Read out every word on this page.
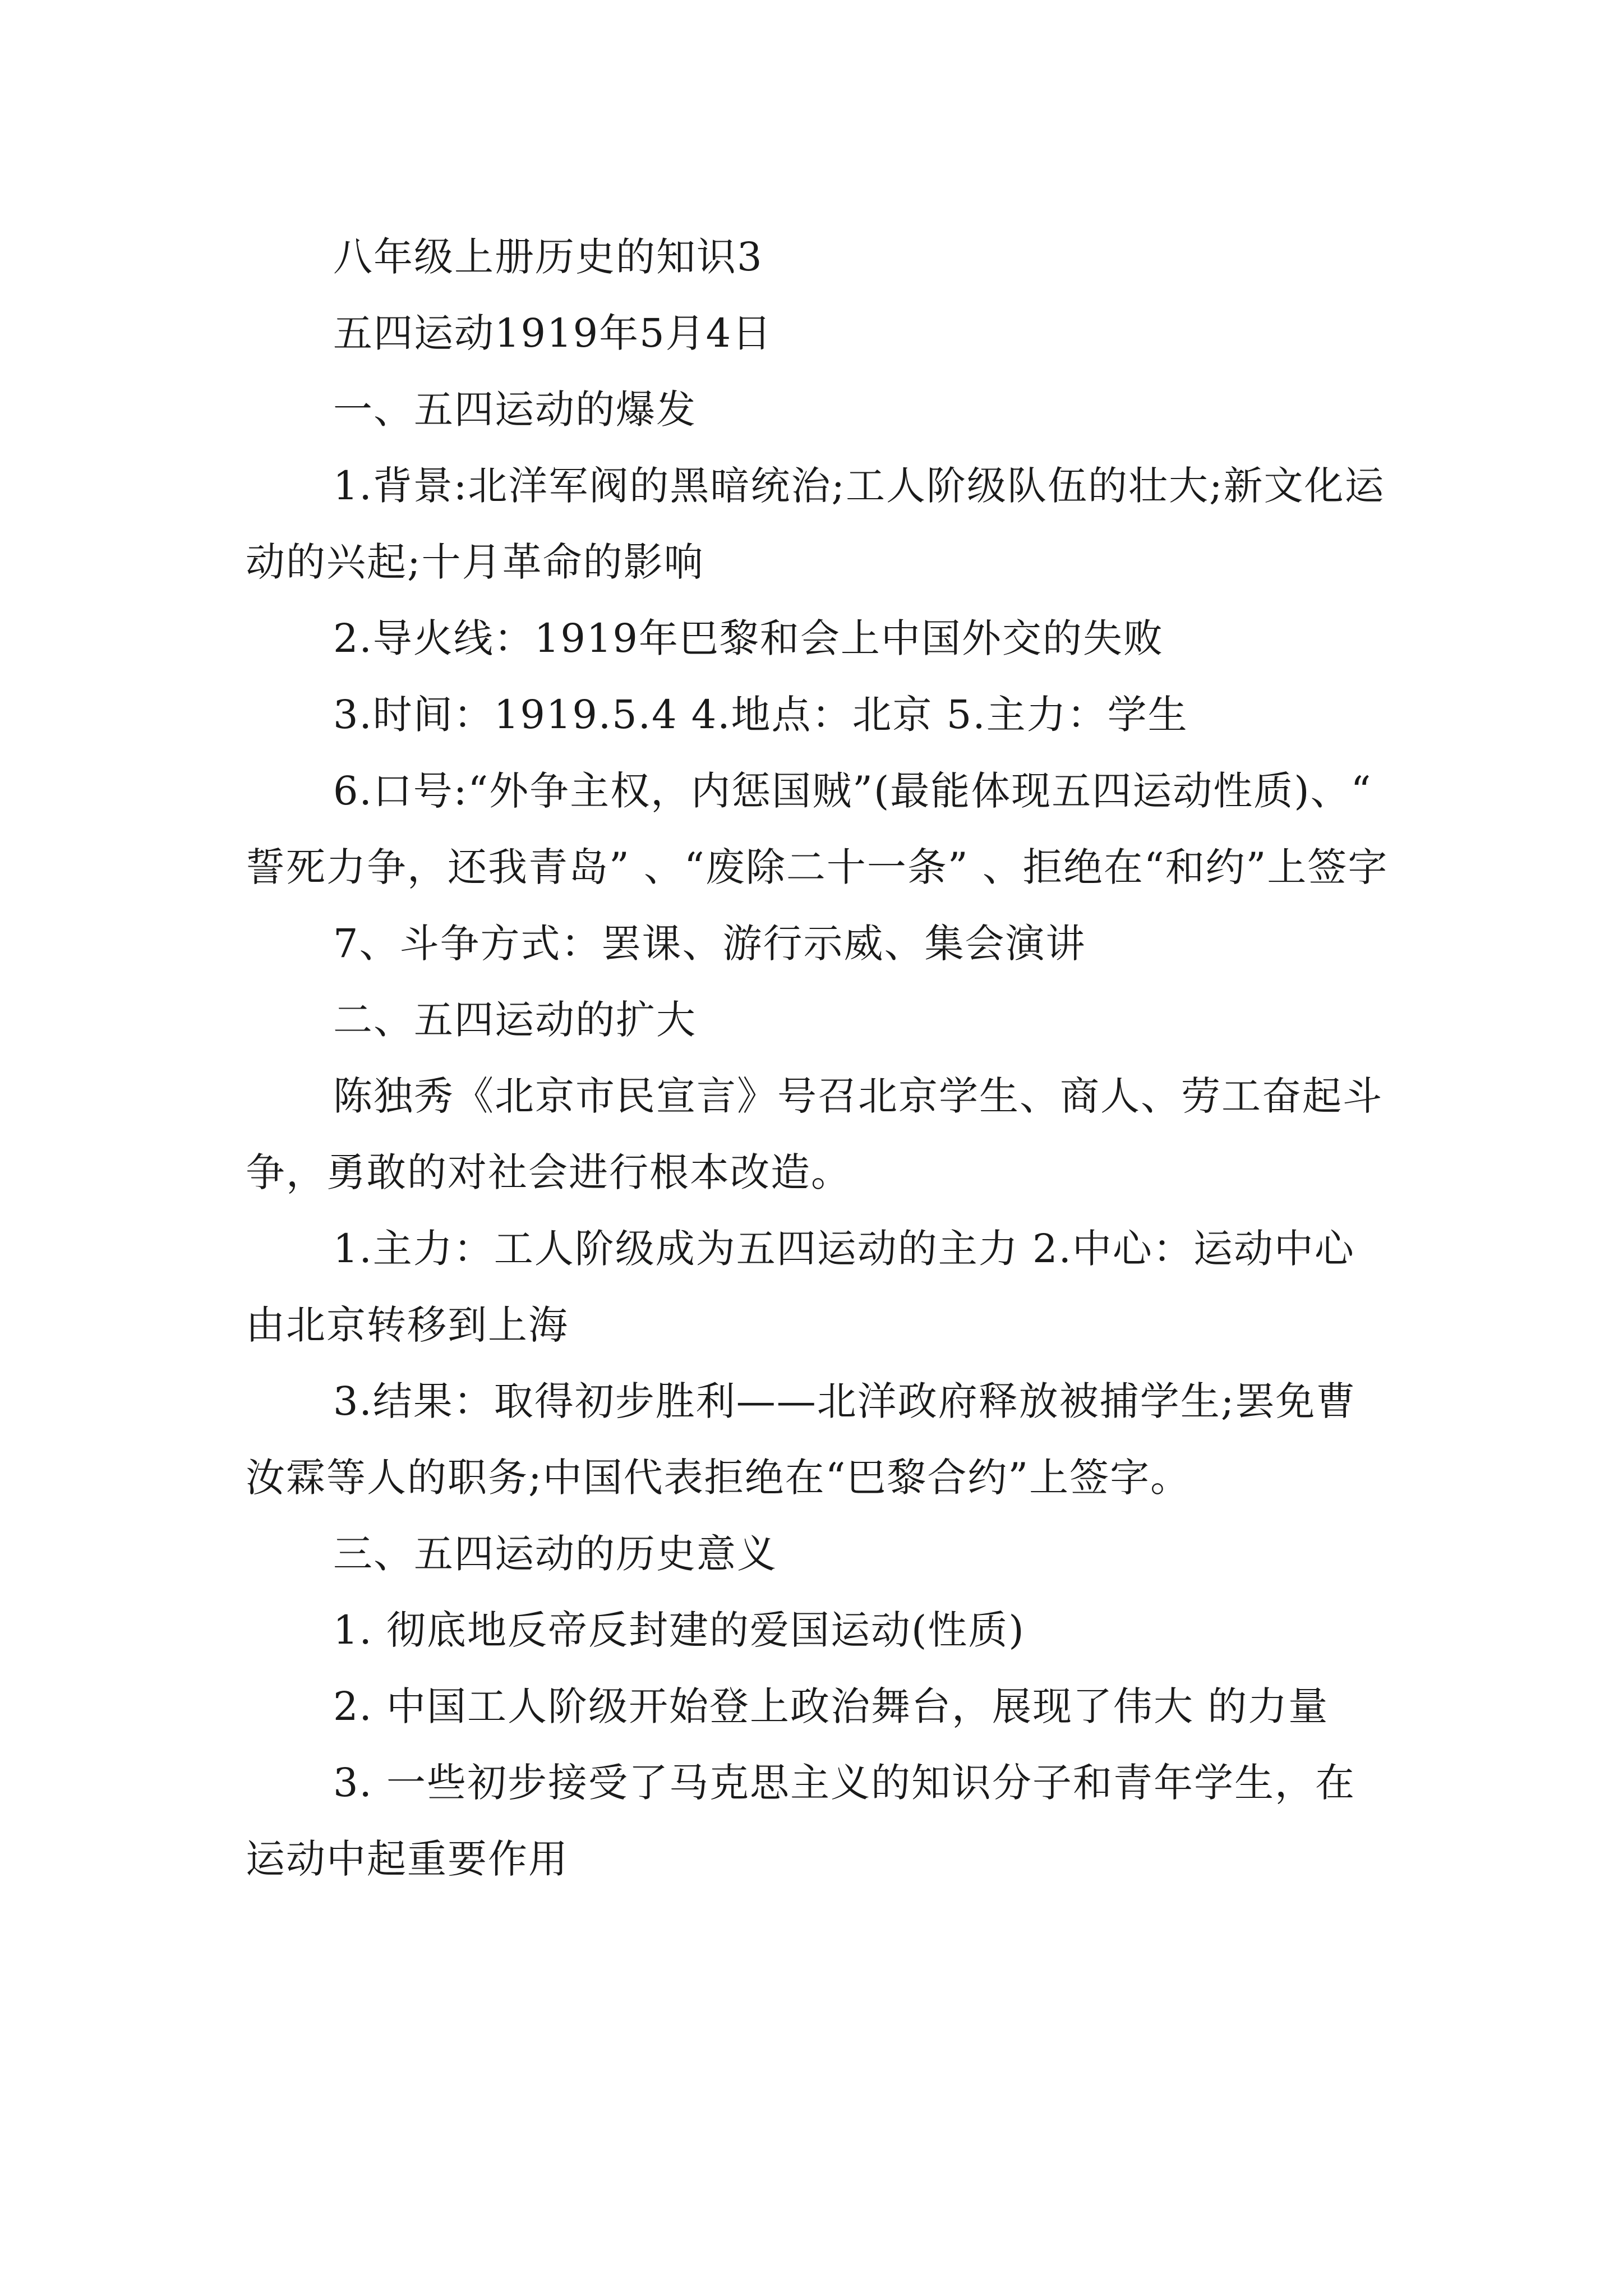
八年级上册历史的知识3

五四运动1919年5月4日

一、五四运动的爆发

1.背景:北洋军阀的黑暗统治;工人阶级队伍的壮大;新文化运动的兴起;十月革命的影响

2.导火线：1919年巴黎和会上中国外交的失败

3.时间：1919.5.4 4.地点：北京 5.主力：学生

6.口号:“外争主权，内惩国贼”(最能体现五四运动性质)、“ 誓死力争，还我青岛” 、“废除二十一条” 、拒绝在“和约”上签字

7、斗争方式：罢课、游行示威、集会演讲

二、五四运动的扩大

陈独秀《北京市民宣言》号召北京学生、商人、劳工奋起斗争，勇敢的对社会进行根本改造。

1.主力：工人阶级成为五四运动的主力 2.中心：运动中心由北京转移到上海

3.结果：取得初步胜利——北洋政府释放被捕学生;罢免曹汝霖等人的职务;中国代表拒绝在“巴黎合约”上签字。

三、五四运动的历史意义

1. 彻底地反帝反封建的爱国运动(性质)

2. 中国工人阶级开始登上政治舞台，展现了伟大 的力量

3. 一些初步接受了马克思主义的知识分子和青年学生，在运动中起重要作用
